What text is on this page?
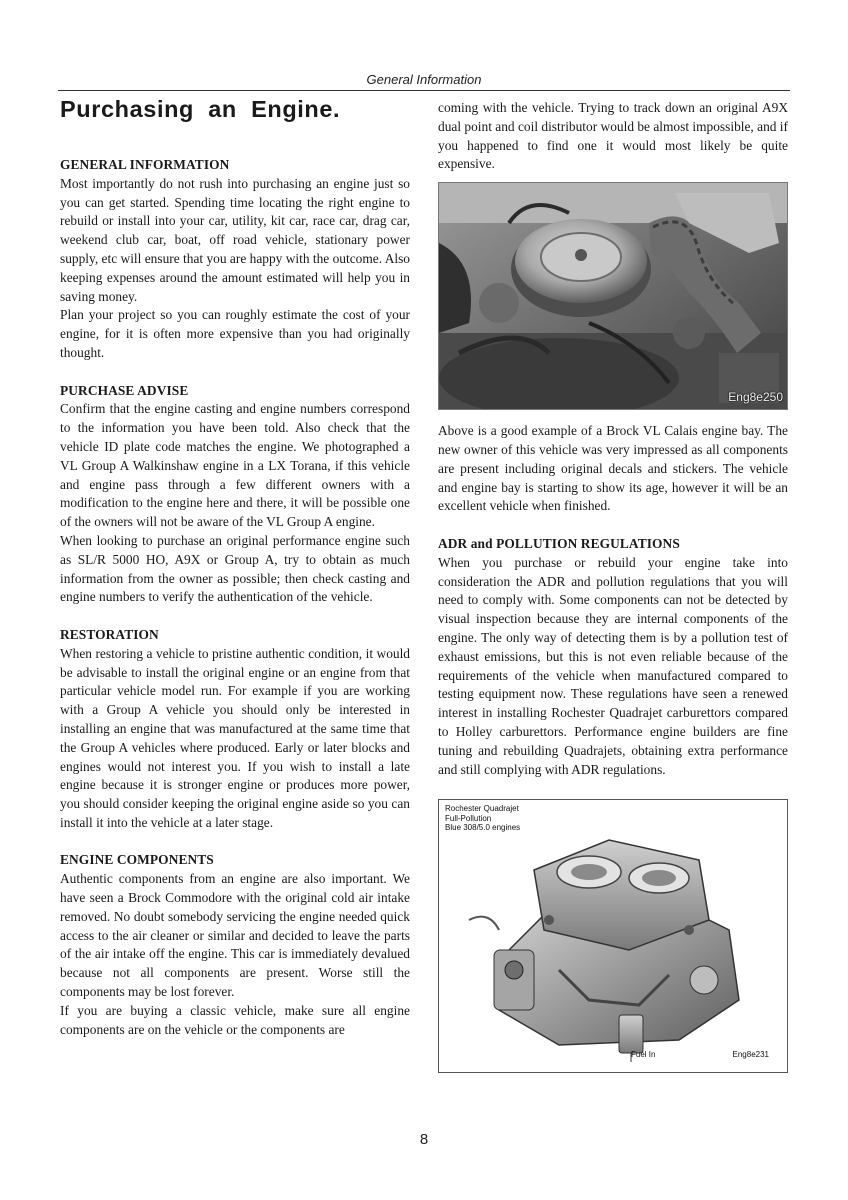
General Information
Purchasing  an  Engine.
GENERAL INFORMATION

Most importantly do not rush into purchasing an engine just so you can get started. Spending time locating the right engine to rebuild or install into your car, utility, kit car, race car, drag car, weekend club car, boat, off road vehicle, stationary power supply, etc will ensure that you are happy with the outcome. Also keeping expenses around the amount estimated will help you in saving money.

Plan your project so you can roughly estimate the cost of your engine, for it is often more expensive than you had originally thought.

PURCHASE ADVISE

Confirm that the engine casting and engine numbers correspond to the information you have been told. Also check that the vehicle ID plate code matches the engine. We photographed a VL Group A Walkinshaw engine in a LX Torana, if this vehicle and engine pass through a few different owners with a modification to the engine here and there, it will be possible one of the owners will not be aware of the VL Group A engine.

When looking to purchase an original performance engine such as SL/R 5000 HO, A9X or Group A, try to obtain as much information from the owner as possible; then check casting and engine numbers to verify the authentication of the vehicle.

RESTORATION

When restoring a vehicle to pristine authentic condition, it would be advisable to install the original engine or an engine from that particular vehicle model run. For example if you are working with a Group A vehicle you should only be interested in installing an engine that was manufactured at the same time that the Group A vehicles where produced. Early or later blocks and engines would not interest you. If you wish to install a late engine because it is stronger engine or produces more power, you should consider keeping the original engine aside so you can install it into the vehicle at a later stage.

ENGINE COMPONENTS

Authentic components from an engine are also important. We have seen a Brock Commodore with the original cold air intake removed. No doubt somebody servicing the engine needed quick access to the air cleaner or similar and decided to leave the parts of the air intake off the engine. This car is immediately devalued because not all components are present. Worse still the components may be lost forever.

If you are buying a classic vehicle, make sure all engine components are on the vehicle or the components are

coming with the vehicle. Trying to track down an original A9X dual point and coil distributor would be almost impossible, and if you happened to find one it would most likely be quite expensive.

Eng8e250

Above is a good example of a Brock VL Calais engine bay. The new owner of this vehicle was very impressed as all components are present including original decals and stickers. The vehicle and engine bay is starting to show its age, however it will be an excellent vehicle when finished.

ADR and POLLUTION REGULATIONS

When you purchase or rebuild your engine take into consideration the ADR and pollution regulations that you will need to comply with. Some components can not be detected by visual inspection because they are internal components of the engine. The only way of detecting them is by a pollution test of exhaust emissions, but this is not even reliable because of the requirements of the vehicle when manufactured compared to testing equipment now. These regulations have seen a renewed interest in installing Rochester Quadrajet carburettors compared to Holley carburettors. Performance engine builders are fine tuning and rebuilding Quadrajets, obtaining extra performance and still complying with ADR regulations.

Rochester Quadrajet
Full-Pollution
Blue 308/5.0 engines
Fuel In	Eng8e231
8
